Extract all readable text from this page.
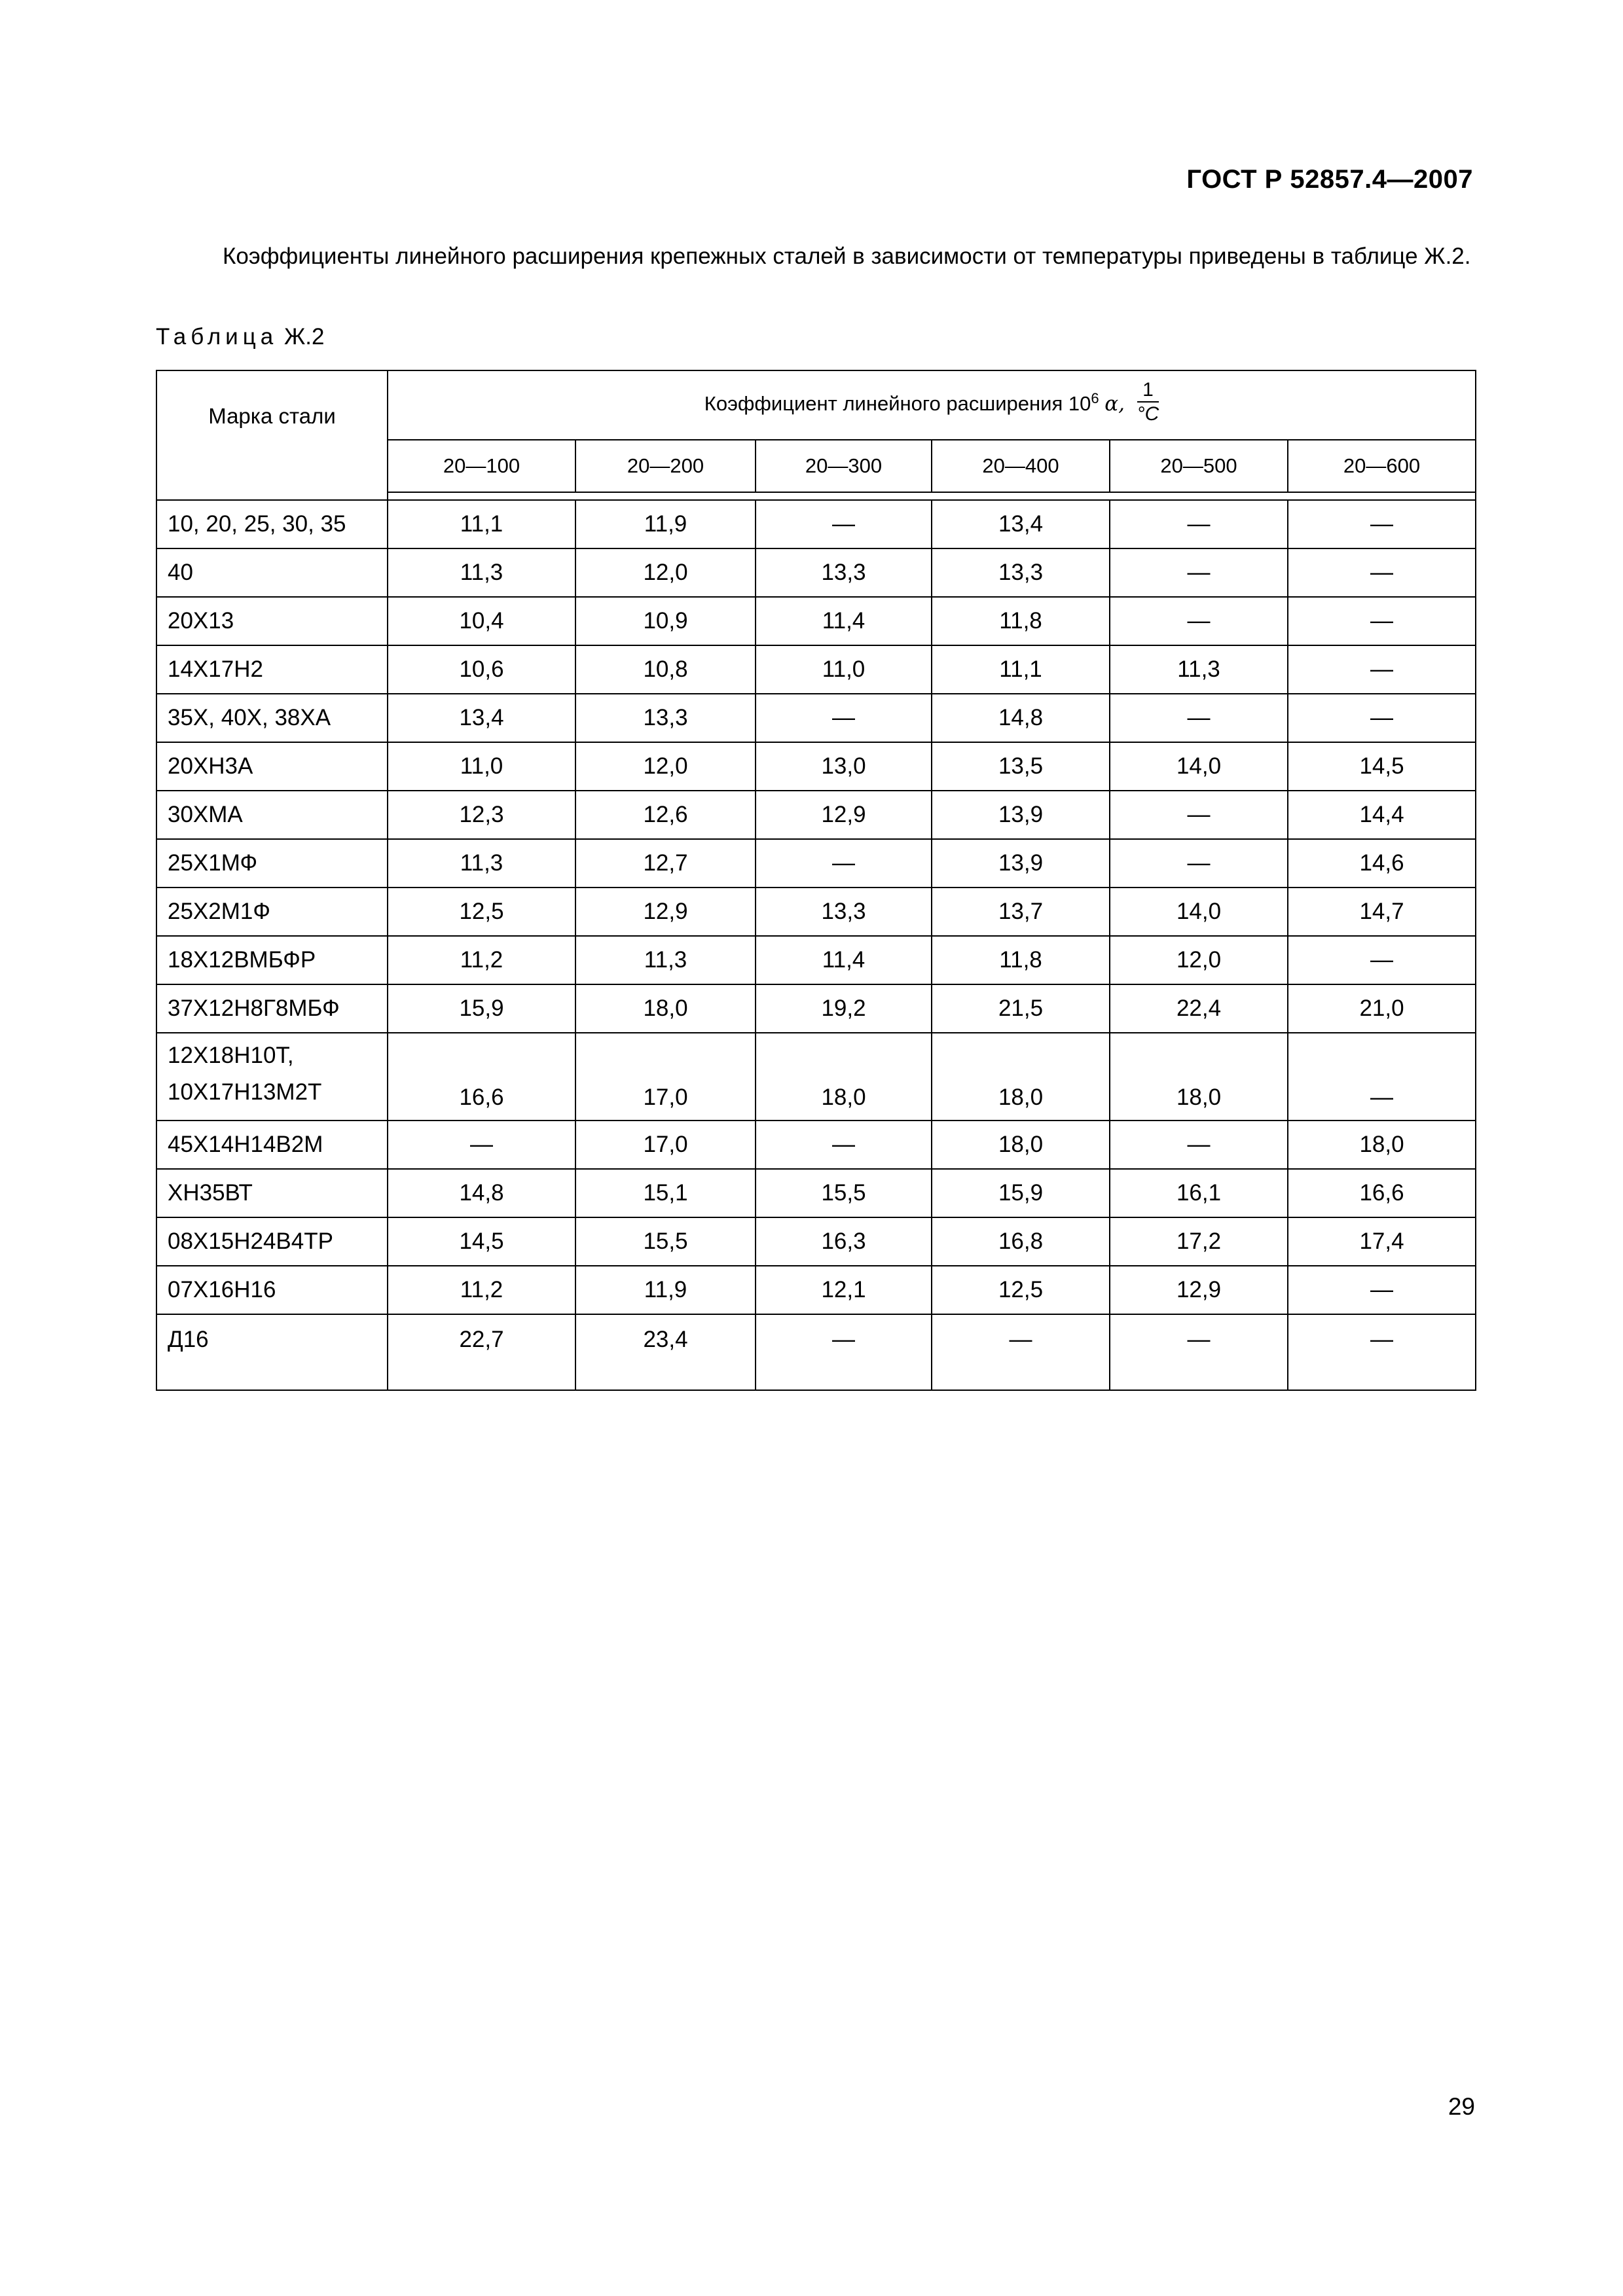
ГОСТ Р 52857.4—2007
Коэффициенты линейного расширения крепежных сталей в зависимости от температуры приведены в таблице Ж.2.
Таблица Ж.2
Марка стали	Коэффициент линейного расширения $10^6$ α, $\frac{1}{^\circ С}$

	20—100	20—200	20—300	20—400	20—500	20—600

10, 20, 25, 30, 35	11,1	11,9	—	13,4	—	—
40	11,3	12,0	13,3	13,3	—	—
20Х13	10,4	10,9	11,4	11,8	—	—
14Х17Н2	10,6	10,8	11,0	11,1	11,3	—
35Х, 40Х, 38ХА	13,4	13,3	—	14,8	—	—
20ХН3А	11,0	12,0	13,0	13,5	14,0	14,5
30ХМА	12,3	12,6	12,9	13,9	—	14,4
25Х1МФ	11,3	12,7	—	13,9	—	14,6
25Х2М1Ф	12,5	12,9	13,3	13,7	14,0	14,7
18Х12ВМБФР	11,2	11,3	11,4	11,8	12,0	—
37Х12Н8Г8МБФ	15,9	18,0	19,2	21,5	22,4	21,0
12Х18Н10Т,
10Х17Н13М2Т	16,6	17,0	18,0	18,0	18,0	—
45Х14Н14В2М	—	17,0	—	18,0	—	18,0
ХН35ВТ	14,8	15,1	15,5	15,9	16,1	16,6
08Х15Н24В4ТР	14,5	15,5	16,3	16,8	17,2	17,4
07Х16Н16	11,2	11,9	12,1	12,5	12,9	—
Д16	22,7	23,4	—	—	—	—
29
